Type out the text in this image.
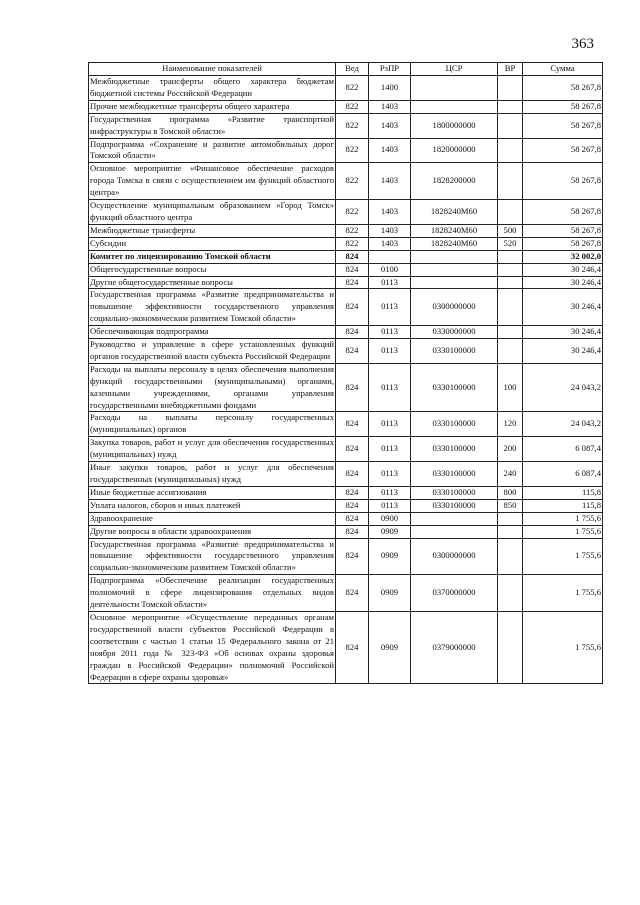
363
Наименование показателей	Вед	РзПР	ЦСР	ВР	Сумма
Межбюджетные трансферты общего характера бюджетам бюджетной системы Российской Федерации	822	1400			58 267,8
Прочие межбюджетные трансферты общего характера	822	1403			58 267,8
Государственная программа «Развитие транспортной инфраструктуры в Томской области»	822	1403	1800000000		58 267,8
Подпрограмма «Сохранение и развитие автомобильных дорог Томской области»	822	1403	1820000000		58 267,8
Основное мероприятие «Финансовое обеспечение расходов города Томска в связи с осуществлением им функций областного центра»	822	1403	1828200000		58 267,8
Осуществление муниципальным образованием «Город Томск» функций областного центра	822	1403	1828240М60		58 267,8
Межбюджетные трансферты	822	1403	1828240М60	500	58 267,8
Субсидии	822	1403	1828240М60	520	58 267,8
Комитет по лицензированию Томской области	824				32 002,0
Общегосударственные вопросы	824	0100			30 246,4
Другие общегосударственные вопросы	824	0113			30 246,4
Государственная программа «Развитие предпринимательства и повышение эффективности государственного управления социально-экономическим развитием Томской области»	824	0113	0300000000		30 246,4
Обеспечивающая подпрограмма	824	0113	0330000000		30 246,4
Руководство и управление в сфере установленных функций органов государственной власти субъекта Российской Федерации	824	0113	0330100000		30 246,4
Расходы на выплаты персоналу в целях обеспечения выполнения функций государственными (муниципальными) органами, казенными учреждениями, органами управления государственными внебюджетными фондами	824	0113	0330100000	100	24 043,2
Расходы на выплаты персоналу государственных (муниципальных) органов	824	0113	0330100000	120	24 043,2
Закупка товаров, работ и услуг для обеспечения государственных (муниципальных) нужд	824	0113	0330100000	200	6 087,4
Иные закупки товаров, работ и услуг для обеспечения государственных (муниципальных) нужд	824	0113	0330100000	240	6 087,4
Иные бюджетные ассигнования	824	0113	0330100000	800	115,8
Уплата налогов, сборов и иных платежей	824	0113	0330100000	850	115,8
Здравоохранение	824	0900			1 755,6
Другие вопросы в области здравоохранения	824	0909			1 755,6
Государственная программа «Развитие предпринимательства и повышение эффективности государственного управления социально-экономическим развитием Томской области»	824	0909	0300000000		1 755,6
Подпрограмма «Обеспечение реализации государственных полномочий в сфере лицензирования отдельных видов деятельности Томской области»	824	0909	0370000000		1 755,6
Основное мероприятие «Осуществление переданных органам государственной власти субъектов Российской Федерации в соответствии с частью 1 статьи 15 Федерального закона от 21 ноября 2011 года № 323-ФЗ «Об основах охраны здоровья граждан в Российской Федерации» полномочий Российской Федерации в сфере охраны здоровья»	824	0909	0379000000		1 755,6
